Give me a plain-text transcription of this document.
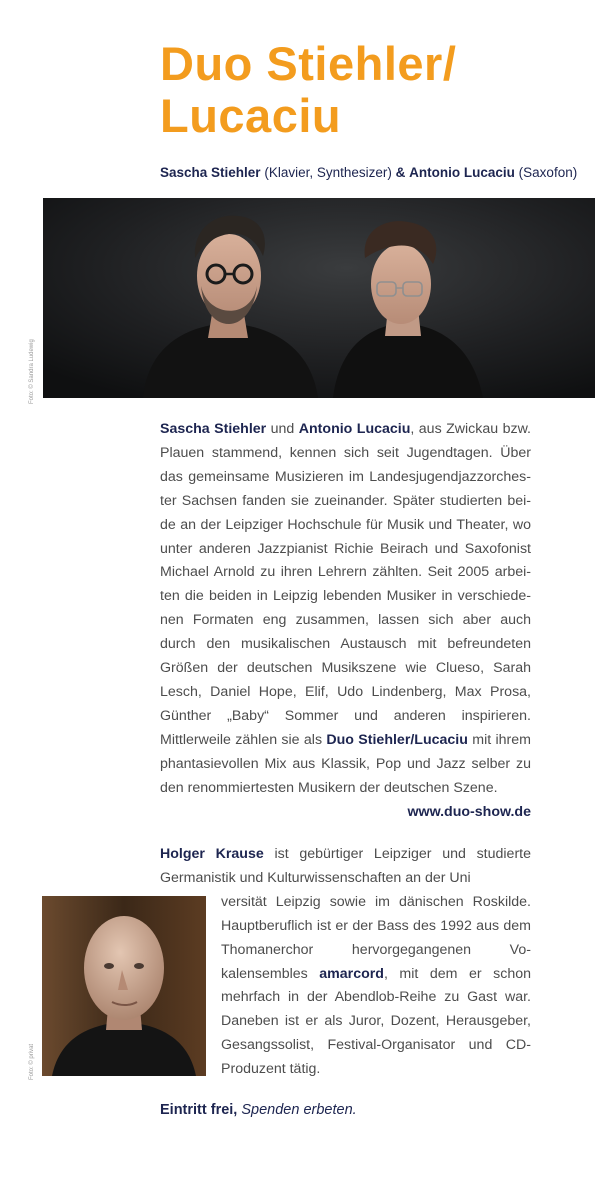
Duo Stiehler/
Lucaciu
Sascha Stiehler (Klavier, Synthesizer) & Antonio Lucaciu (Saxofon)
Foto: © Sandra Ludewig

Sascha Stiehler und Antonio Lucaciu, aus Zwickau bzw. Plauen stammend, kennen sich seit Jugendtagen. Über das gemeinsame Musizieren im Landesjugendjazzorchester Sachsen fanden sie zueinander. Später studierten beide an der Leipziger Hochschule für Musik und Theater, wo unter anderen Jazzpianist Richie Beirach und Saxofonist Michael Arnold zu ihren Lehrern zählten. Seit 2005 arbeiten die beiden in Leipzig lebenden Musiker in verschiedenen Formaten eng zusammen, lassen sich aber auch durch den musikalischen Austausch mit befreundeten Größen der deutschen Musikszene wie Clueso, Sarah Lesch, Daniel Hope, Elif, Udo Lindenberg, Max Prosa, Günther „Baby“ Sommer und anderen inspirieren. Mittlerweile zählen sie als Duo Stiehler/Lucaciu mit ihrem phantasievollen Mix aus Klassik, Pop und Jazz selber zu den renommiertesten Musikern der deutschen Szene.
www.duo-show.de

Foto: © privat

Holger Krause ist gebürtiger Leipziger und studierte Germanistik und Kulturwissenschaften an der Uni

versität Leipzig sowie im dänischen Roskilde. Hauptberuflich ist er der Bass des 1992 aus dem Thomanerchor hervorgegangenen Vokalensembles amarcord, mit dem er schon mehrfach in der Abendlob-Reihe zu Gast war. Daneben ist er als Juror, Dozent, Herausgeber, Gesangssolist, Festival-Organisator und CD-Produzent tätig.

Eintritt frei, Spenden erbeten.
